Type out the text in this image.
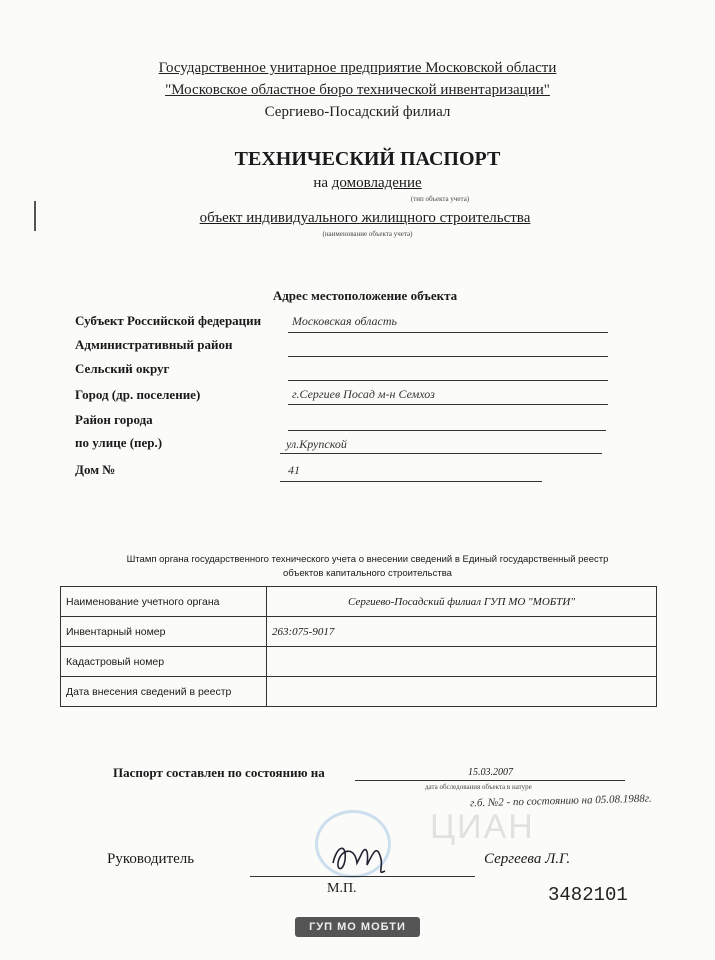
Государственное унитарное предприятие Московской области
"Московское областное бюро технической инвентаризации"
Сергиево-Посадский филиал
ТЕХНИЧЕСКИЙ ПАСПОРТ
на домовладение
(тип объекта учета)
объект индивидуального жилищного строительства
(наименование объекта учета)
Адрес местоположение объекта
Субъект Российской федерации	Московская область
Административный район
Сельский округ
Город (др. поселение)	г.Сергиев Посад м-н Семхоз
Район города
по улице (пер.)	ул.Крупской
Дом №	41
Штамп органа государственного технического учета о внесении сведений в Единый государственный реестр
объектов капитального строительства
Наименование учетного органа	Сергиево-Посадский филиал ГУП МО "МОБТИ"
Инвентарный номер	263:075-9017
Кадастровый номер	
Дата внесения сведений в реестр	
Паспорт составлен по состоянию на	15.03.2007
дата обследования объекта в натуре
г.б. №2 - по состоянию на 05.08.1988г.
ЦИАН
Руководитель	Сергеева Л.Г.
М.П.	3482101
ГУП МО МОБТИ
